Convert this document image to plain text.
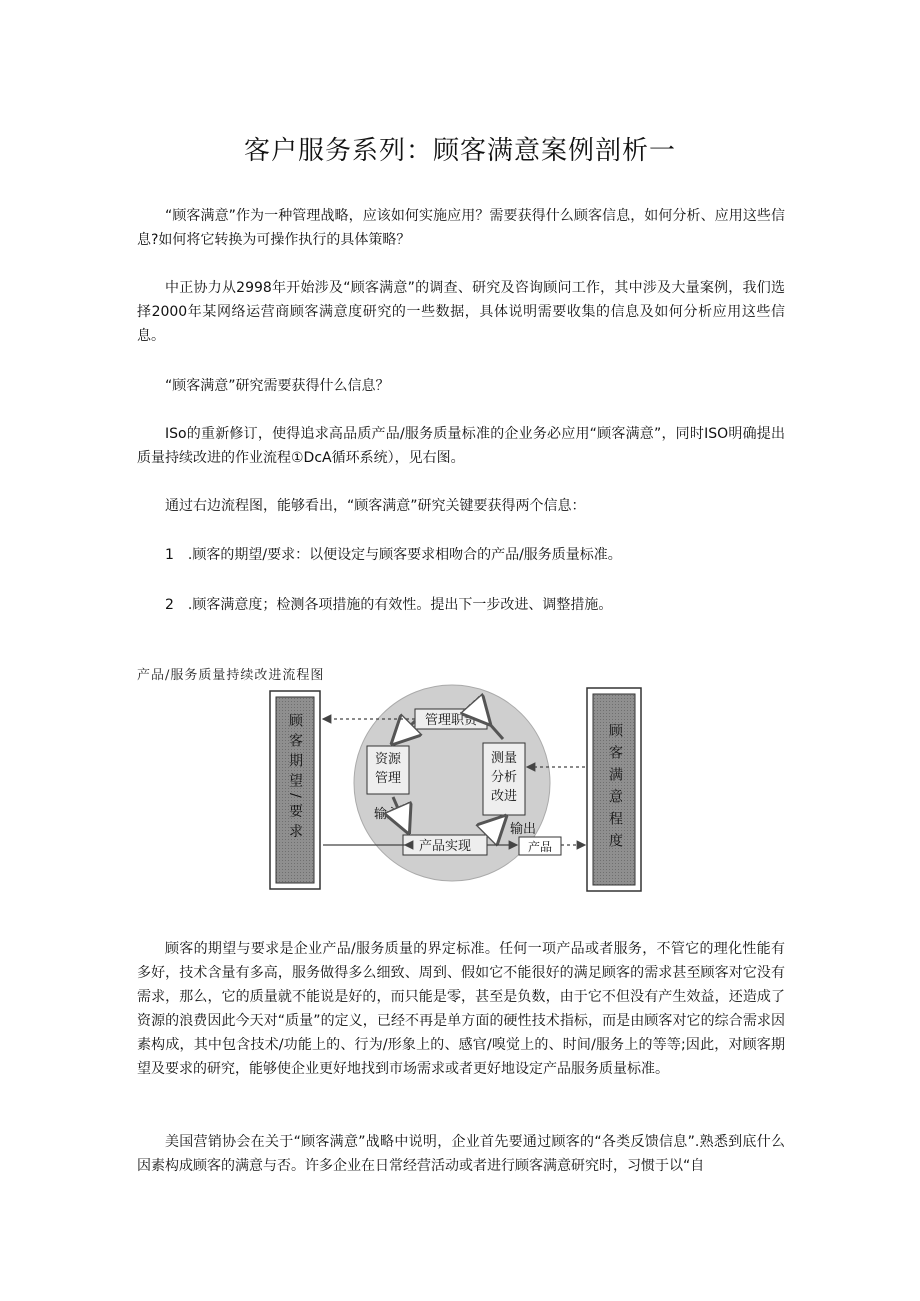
客户服务系列：顾客满意案例剖析一
“顾客满意”作为一种管理战略，应该如何实施应用？需要获得什么顾客信息，如何分析、应用这些信息?如何将它转换为可操作执行的具体策略？
中正协力从2998年开始涉及“顾客满意”的调查、研究及咨询顾问工作，其中涉及大量案例，我们选择2000年某网络运营商顾客满意度研究的一些数据，具体说明需要收集的信息及如何分析应用这些信息。
“顾客满意”研究需要获得什么信息？
ISo的重新修订，使得追求高品质产品/服务质量标准的企业务必应用“顾客满意”，同时ISO明确提出质量持续改进的作业流程①DcA循环系统），见右图。
通过右边流程图，能够看出，“顾客满意”研究关键要获得两个信息：
1　.顾客的期望/要求：以便设定与顾客要求相吻合的产品/服务质量标准。
2　.顾客满意度；检测各项措施的有效性。提出下一步改进、调整措施。
产品/服务质量持续改进流程图
顾客期望/要求	顾客满意程度
管理职责
资源
管理
测量
分析
改进
产品实现	产品
输入
输出
顾客的期望与要求是企业产品/服务质量的界定标准。任何一项产品或者服务，不管它的理化性能有多好，技术含量有多高，服务做得多么细致、周到、假如它不能很好的满足顾客的需求甚至顾客对它没有需求，那么，它的质量就不能说是好的，而只能是零，甚至是负数，由于它不但没有产生效益，还造成了资源的浪费因此今天对“质量”的定义，已经不再是单方面的硬性技术指标，而是由顾客对它的综合需求因素构成，其中包含技术/功能上的、行为/形象上的、感官/嗅觉上的、时间/服务上的等等;因此，对顾客期望及要求的研究，能够使企业更好地找到市场需求或者更好地设定产品服务质量标准。
美国营销协会在关于“顾客满意”战略中说明，企业首先要通过顾客的“各类反馈信息”.熟悉到底什么因素构成顾客的满意与否。许多企业在日常经营活动或者进行顾客满意研究时，习惯于以“自
